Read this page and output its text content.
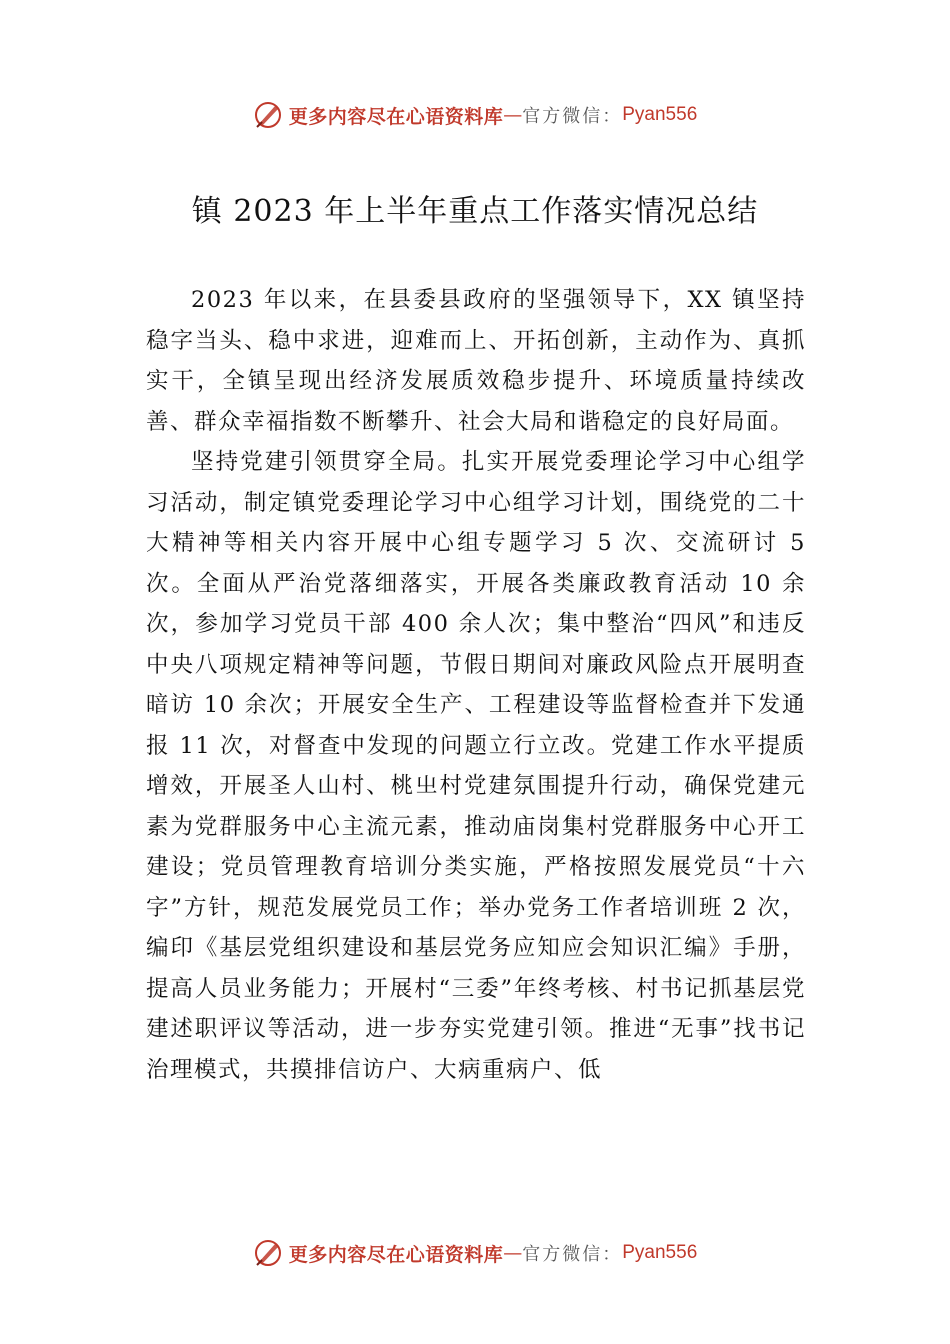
更多内容尽在心语资料库 — 官方微信： Pyan556
镇 2023 年上半年重点工作落实情况总结

2023 年以来，在县委县政府的坚强领导下，XX 镇坚持稳字当头、稳中求进，迎难而上、开拓创新，主动作为、真抓实干，全镇呈现出经济发展质效稳步提升、环境质量持续改善、群众幸福指数不断攀升、社会大局和谐稳定的良好局面。

坚持党建引领贯穿全局。扎实开展党委理论学习中心组学习活动，制定镇党委理论学习中心组学习计划，围绕党的二十大精神等相关内容开展中心组专题学习 5 次、交流研讨 5 次。全面从严治党落细落实，开展各类廉政教育活动 10 余次，参加学习党员干部 400 余人次；集中整治“四风”和违反中央八项规定精神等问题，节假日期间对廉政风险点开展明查暗访 10 余次；开展安全生产、工程建设等监督检查并下发通报 11 次，对督查中发现的问题立行立改。党建工作水平提质增效，开展圣人山村、桃㞢村党建氛围提升行动，确保党建元素为党群服务中心主流元素，推动庙岗集村党群服务中心开工建设；党员管理教育培训分类实施，严格按照发展党员“十六字”方针，规范发展党员工作；举办党务工作者培训班 2 次，编印《基层党组织建设和基层党务应知应会知识汇编》手册，提高人员业务能力；开展村“三委”年终考核、村书记抓基层党建述职评议等活动，进一步夯实党建引领。推进“无事”找书记治理模式，共摸排信访户、大病重病户、低

更多内容尽在心语资料库 — 官方微信： Pyan556
